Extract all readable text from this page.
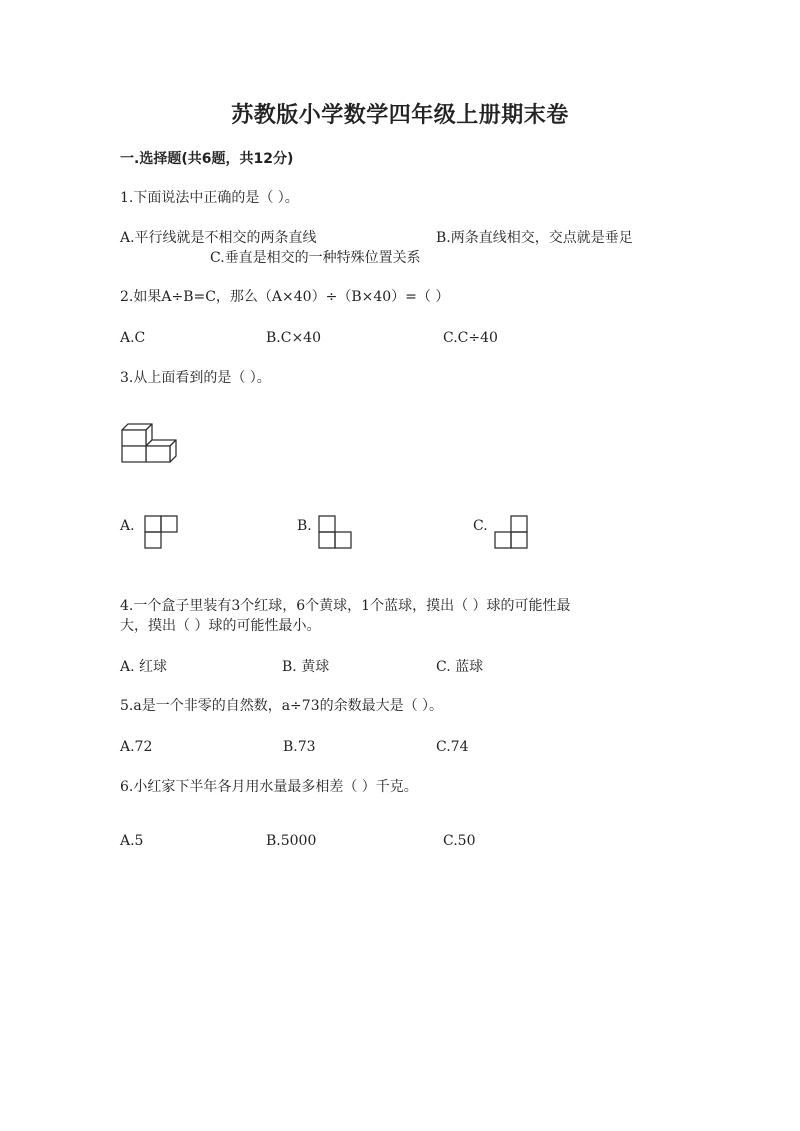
苏教版小学数学四年级上册期末卷
一.选择题(共6题，共12分)
1.下面说法中正确的是（ ）。
A.平行线就是不相交的两条直线	B.两条直线相交，交点就是垂足
C.垂直是相交的一种特殊位置关系
2.如果A÷B=C，那么（A×40）÷（B×40）=（ ）
A.C	B.C×40	C.C÷40
3.从上面看到的是（ ）。
A.	B.	C.
4.一个盒子里装有3个红球，6个黄球，1个蓝球，摸出（ ）球的可能性最
大，摸出（ ）球的可能性最小。
A. 红球	B. 黄球	C. 蓝球
5.a是一个非零的自然数，a÷73的余数最大是（ ）。
A.72	B.73	C.74
6.小红家下半年各月用水量最多相差（ ）千克。
A.5	B.5000	C.50
